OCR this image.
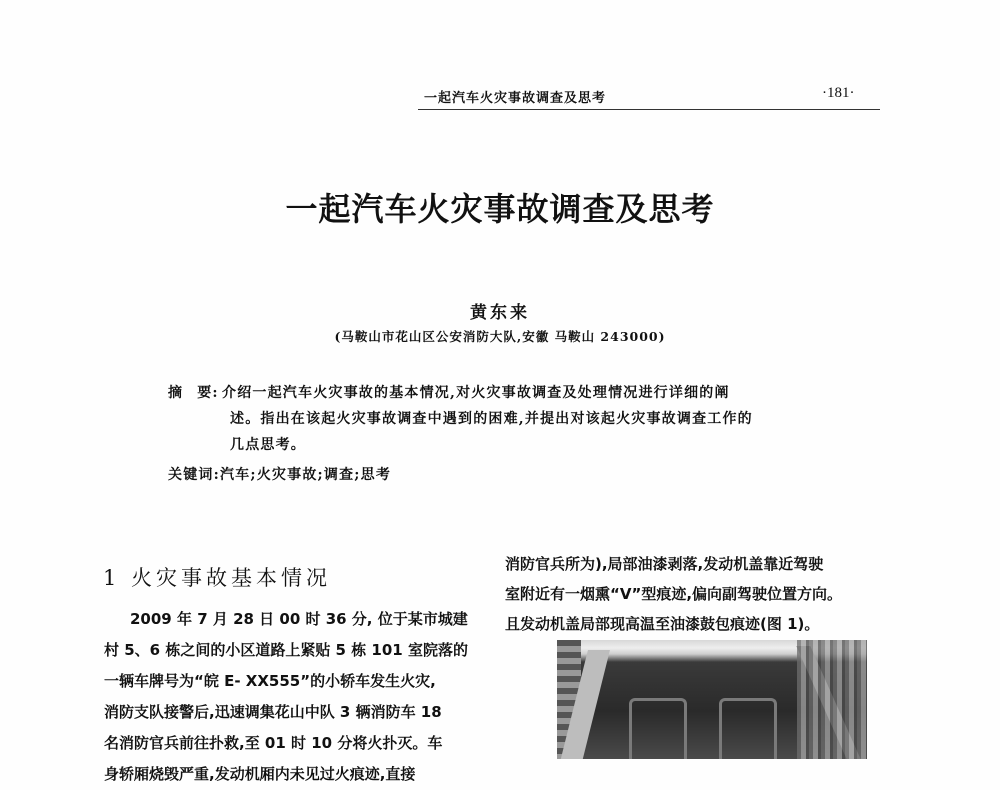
一起汽车火灾事故调查及思考	·181·
一起汽车火灾事故调查及思考
黄东来
(马鞍山市花山区公安消防大队,安徽 马鞍山 243000)
摘 要: 介绍一起汽车火灾事故的基本情况,对火灾事故调查及处理情况进行详细的阐
述。指出在该起火灾事故调查中遇到的困难,并提出对该起火灾事故调查工作的
几点思考。
关键词:汽车;火灾事故;调查;思考
1 火灾事故基本情况
2009 年 7 月 28 日 00 时 36 分, 位于某市城建
村 5、6 栋之间的小区道路上紧贴 5 栋 101 室院落的
一辆车牌号为“皖 E- XX555”的小轿车发生火灾,
消防支队接警后,迅速调集花山中队 3 辆消防车 18
名消防官兵前往扑救,至 01 时 10 分将火扑灭。车
身轿厢烧毁严重,发动机厢内未见过火痕迹,直接
消防官兵所为),局部油漆剥落,发动机盖靠近驾驶
室附近有一烟熏“V”型痕迹,偏向副驾驶位置方向。
且发动机盖局部现高温至油漆鼓包痕迹(图 1)。
